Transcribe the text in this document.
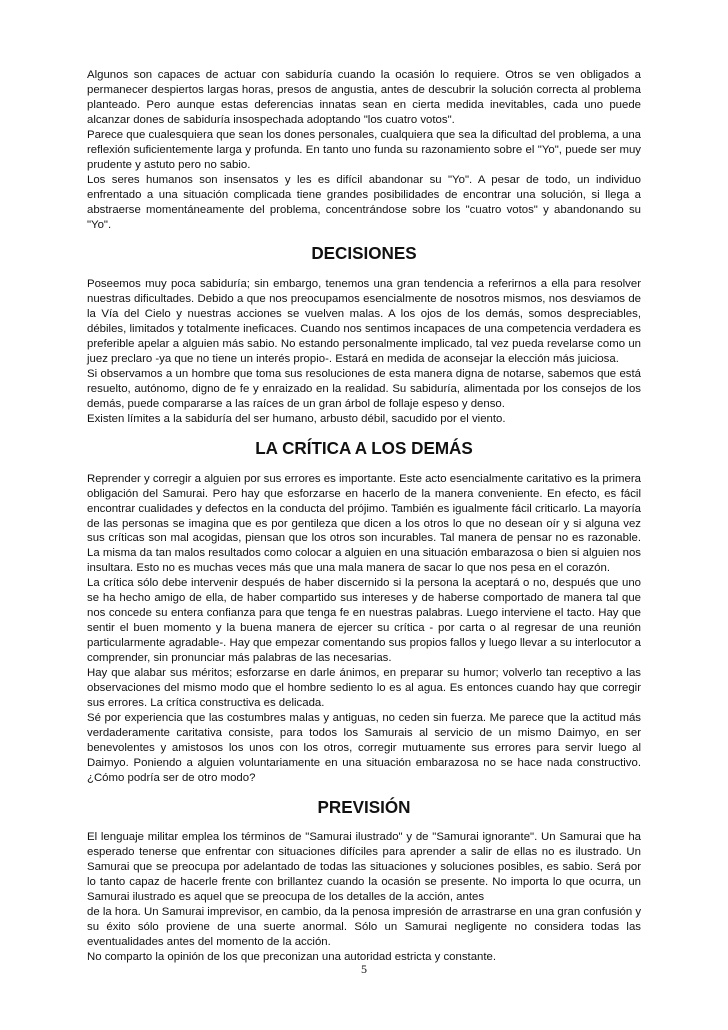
Algunos son capaces de actuar con sabiduría cuando la ocasión lo requiere. Otros se ven obligados a permanecer despiertos largas horas, presos de angustia, antes de descubrir la solución correcta al problema planteado. Pero aunque estas deferencias innatas sean en cierta medida inevitables, cada uno puede alcanzar dones de sabiduría insospechada adoptando "los cuatro votos".

Parece que cualesquiera que sean los dones personales, cualquiera que sea la dificultad del problema, a una reflexión suficientemente larga y profunda. En tanto uno funda su razonamiento sobre el "Yo", puede ser muy prudente y astuto pero no sabio.

Los seres humanos son insensatos y les es difícil abandonar su "Yo". A pesar de todo, un individuo enfrentado a una situación complicada tiene grandes posibilidades de encontrar una solución, si llega a abstraerse momentáneamente del problema, concentrándose sobre los "cuatro votos" y abandonando su "Yo".

DECISIONES

Poseemos muy poca sabiduría; sin embargo, tenemos una gran tendencia a referirnos a ella para resolver nuestras dificultades. Debido a que nos preocupamos esencialmente de nosotros mismos, nos desviamos de la Vía del Cielo y nuestras acciones se vuelven malas. A los ojos de los demás, somos despreciables, débiles, limitados y totalmente ineficaces. Cuando nos sentimos incapaces de una competencia verdadera es preferible apelar a alguien más sabio. No estando personalmente implicado, tal vez pueda revelarse como un juez preclaro -ya que no tiene un interés propio-. Estará en medida de aconsejar la elección más juiciosa.

Si observamos a un hombre que toma sus resoluciones de esta manera digna de notarse, sabemos que está resuelto, autónomo, digno de fe y enraizado en la realidad. Su sabiduría, alimentada por los consejos de los demás, puede compararse a las raíces de un gran árbol de follaje espeso y denso.

Existen límites a la sabiduría del ser humano, arbusto débil, sacudido por el viento.

LA CRÍTICA A LOS DEMÁS

Reprender y corregir a alguien por sus errores es importante. Este acto esencialmente caritativo es la primera obligación del Samurai. Pero hay que esforzarse en hacerlo de la manera conveniente. En efecto, es fácil encontrar cualidades y defectos en la conducta del prójimo. También es igualmente fácil criticarlo. La mayoría de las personas se imagina que es por gentileza que dicen a los otros lo que no desean oír y si alguna vez sus críticas son mal acogidas, piensan que los otros son incurables. Tal manera de pensar no es razonable. La misma da tan malos resultados como colocar a alguien en una situación embarazosa o bien si alguien nos insultara. Esto no es muchas veces más que una mala manera de sacar lo que nos pesa en el corazón.

La crítica sólo debe intervenir después de haber discernido si la persona la aceptará o no, después que uno se ha hecho amigo de ella, de haber compartido sus intereses y de haberse comportado de manera tal que nos concede su entera confianza para que tenga fe en nuestras palabras. Luego interviene el tacto. Hay que sentir el buen momento y la buena manera de ejercer su crítica - por carta o al regresar de una reunión particularmente agradable-. Hay que empezar comentando sus propios fallos y luego llevar a su interlocutor a comprender, sin pronunciar más palabras de las necesarias.

Hay que alabar sus méritos; esforzarse en darle ánimos, en preparar su humor; volverlo tan receptivo a las observaciones del mismo modo que el hombre sediento lo es al agua. Es entonces cuando hay que corregir sus errores. La crítica constructiva es delicada.

Sé por experiencia que las costumbres malas y antiguas, no ceden sin fuerza. Me parece que la actitud más verdaderamente caritativa consiste, para todos los Samurais al servicio de un mismo Daimyo, en ser benevolentes y amistosos los unos con los otros, corregir mutuamente sus errores para servir luego al Daimyo. Poniendo a alguien voluntariamente en una situación embarazosa no se hace nada constructivo. ¿Cómo podría ser de otro modo?

PREVISIÓN

El lenguaje militar emplea los términos de "Samurai ilustrado" y de "Samurai ignorante". Un Samurai que ha esperado tenerse que enfrentar con situaciones difíciles para aprender a salir de ellas no es ilustrado. Un Samurai que se preocupa por adelantado de todas las situaciones y soluciones posibles, es sabio. Será por lo tanto capaz de hacerle frente con brillantez cuando la ocasión se presente. No importa lo que ocurra, un Samurai ilustrado es aquel que se preocupa de los detalles de la acción, antes

de la hora. Un Samurai imprevisor, en cambio, da la penosa impresión de arrastrarse en una gran confusión y su éxito sólo proviene de una suerte anormal. Sólo un Samurai negligente no considera todas las eventualidades antes del momento de la acción.

No comparto la opinión de los que preconizan una autoridad estricta y constante.

5
